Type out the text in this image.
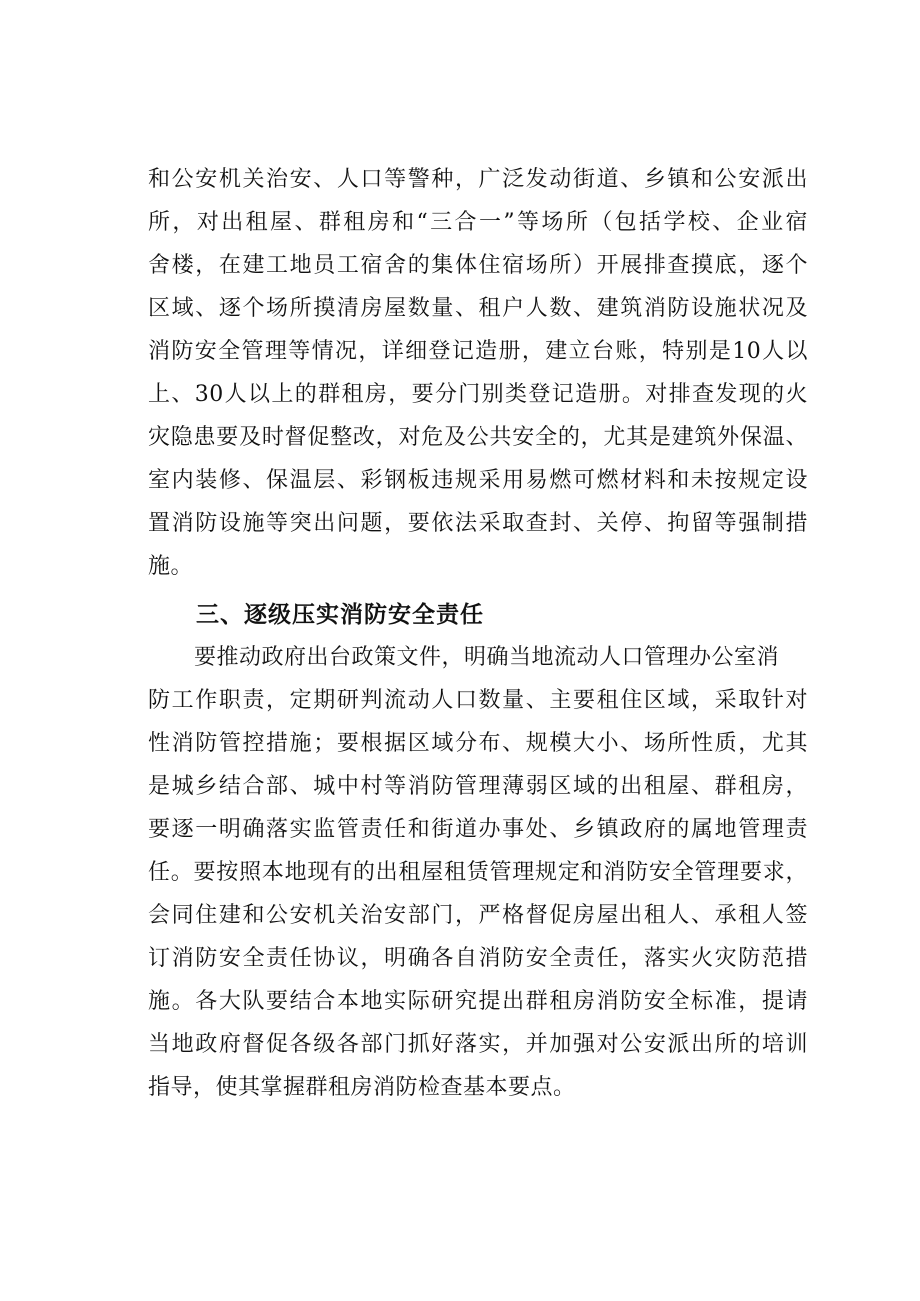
和公安机关治安、人口等警种，广泛发动街道、乡镇和公安派出
所，对出租屋、群租房和“三合一”等场所（包括学校、企业宿
舍楼，在建工地员工宿舍的集体住宿场所）开展排查摸底，逐个
区域、逐个场所摸清房屋数量、租户人数、建筑消防设施状况及
消防安全管理等情况，详细登记造册，建立台账，特别是10人以
上、30人以上的群租房，要分门别类登记造册。对排查发现的火
灾隐患要及时督促整改，对危及公共安全的，尤其是建筑外保温、
室内装修、保温层、彩钢板违规采用易燃可燃材料和未按规定设
置消防设施等突出问题，要依法采取查封、关停、拘留等强制措
施。
三、逐级压实消防安全责任
要推动政府出台政策文件，明确当地流动人口管理办公室消
防工作职责，定期研判流动人口数量、主要租住区域，采取针对
性消防管控措施；要根据区域分布、规模大小、场所性质，尤其
是城乡结合部、城中村等消防管理薄弱区域的出租屋、群租房，
要逐一明确落实监管责任和街道办事处、乡镇政府的属地管理责
任。要按照本地现有的出租屋租赁管理规定和消防安全管理要求，
会同住建和公安机关治安部门，严格督促房屋出租人、承租人签
订消防安全责任协议，明确各自消防安全责任，落实火灾防范措
施。各大队要结合本地实际研究提出群租房消防安全标准，提请
当地政府督促各级各部门抓好落实，并加强对公安派出所的培训
指导，使其掌握群租房消防检查基本要点。
